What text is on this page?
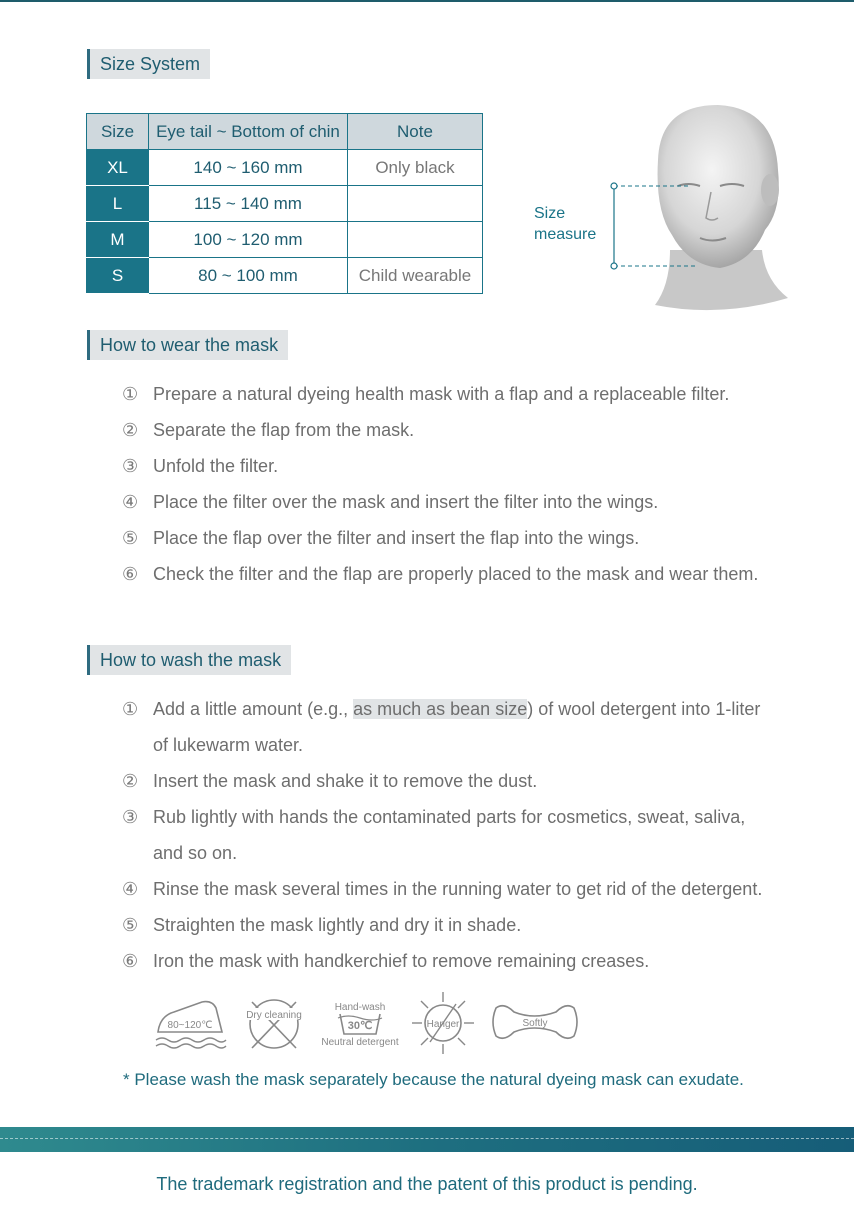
Size System
Size	Eye tail ~ Bottom of chin	Note
XL	140 ~ 160 mm	Only black
L	115 ~ 140 mm	
M	100 ~ 120 mm	
S	80 ~ 100 mm	Child wearable
Size
measure
How to wear the mask
① Prepare a natural dyeing health mask with a flap and a replaceable filter.
② Separate the flap from the mask.
③ Unfold the filter.
④ Place the filter over the mask and insert the filter into the wings.
⑤ Place the flap over the filter and insert the flap into the wings.
⑥ Check the filter and the flap are properly placed to the mask and wear them.
How to wash the mask
① Add a little amount (e.g., as much as bean size) of wool detergent into 1-liter
of lukewarm water.
② Insert the mask and shake it to remove the dust.
③ Rub lightly with hands the contaminated parts for cosmetics, sweat, saliva,
and so on.
④ Rinse the mask several times in the running water to get rid of the detergent.
⑤ Straighten the mask lightly and dry it in shade.
⑥ Iron the mask with handkerchief to remove remaining creases.
80~120℃
Dry cleaning
Hand-wash
30℃
Neutral detergent
Hanger	Softly
* Please wash the mask separately because the natural dyeing mask can exudate.
The trademark registration and the patent of this product is pending.
